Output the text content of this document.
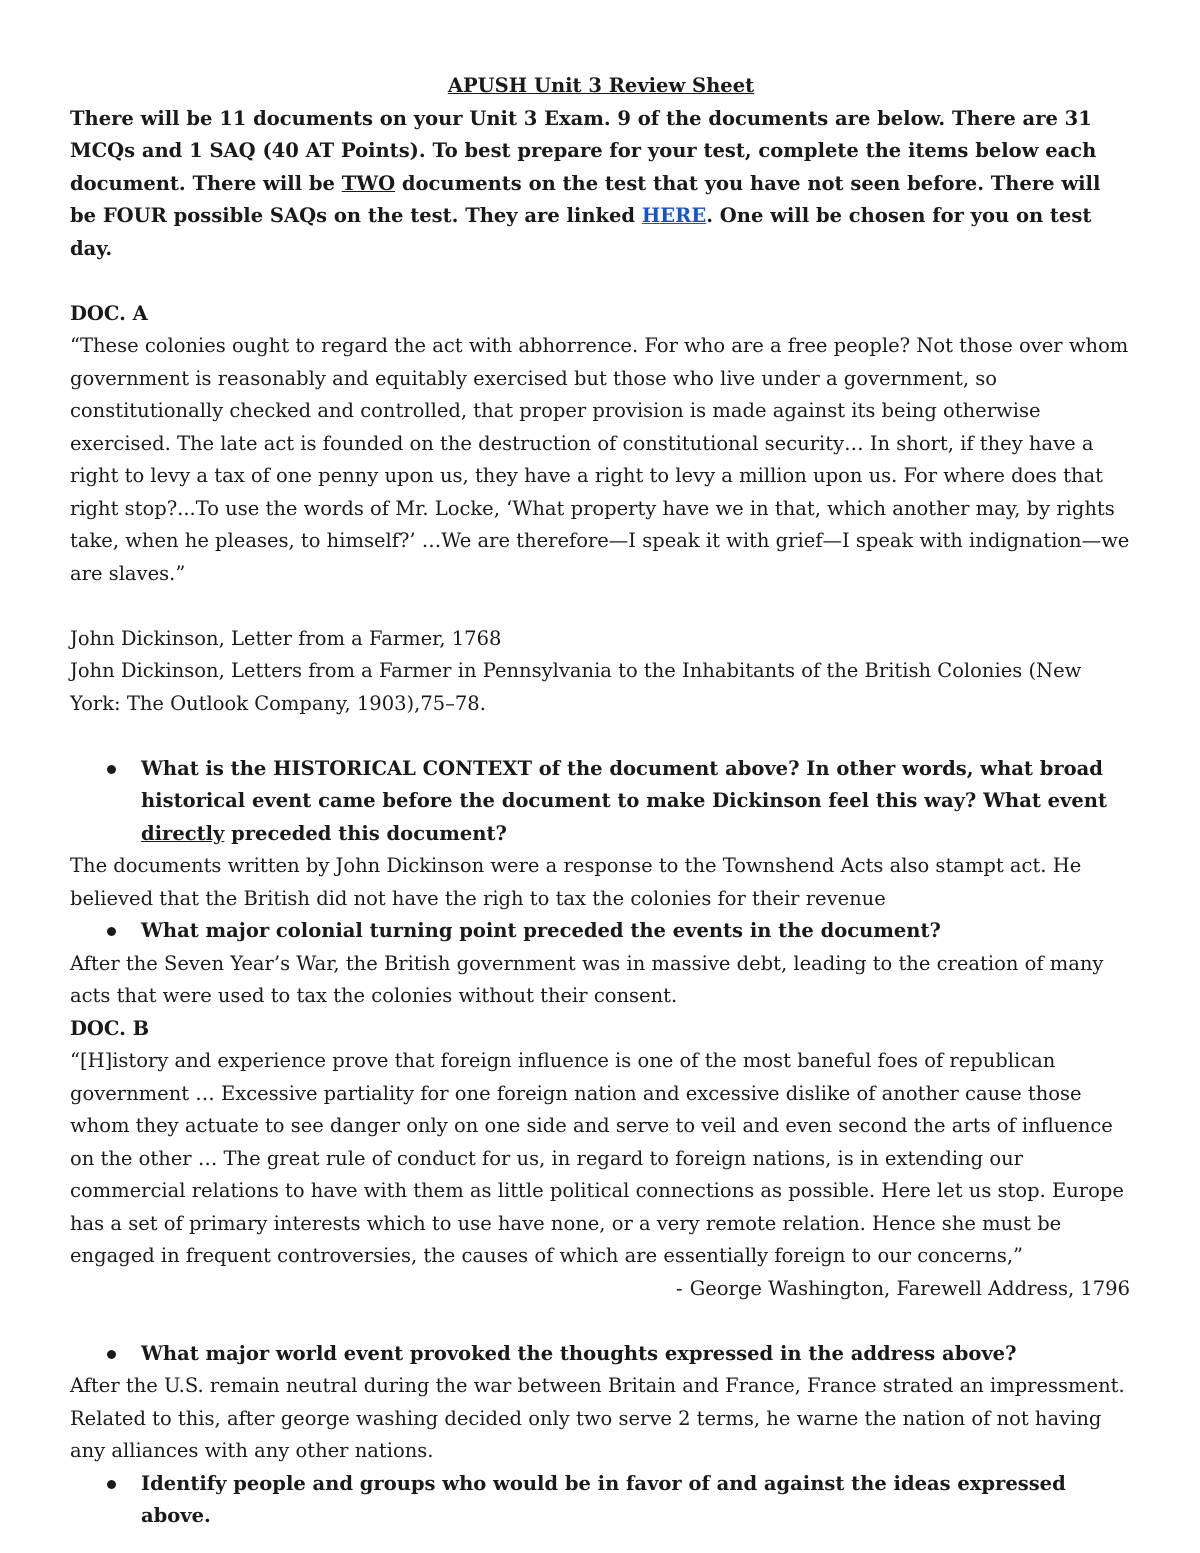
APUSH Unit 3 Review Sheet

There will be 11 documents on your Unit 3 Exam. 9 of the documents are below. There are 31 MCQs and 1 SAQ (40 AT Points). To best prepare for your test, complete the items below each document. There will be TWO documents on the test that you have not seen before. There will be FOUR possible SAQs on the test. They are linked HERE. One will be chosen for you on test day.

DOC. A

“These colonies ought to regard the act with abhorrence. For who are a free people? Not those over whom government is reasonably and equitably exercised but those who live under a government, so constitutionally checked and controlled, that proper provision is made against its being otherwise exercised. The late act is founded on the destruction of constitutional security… In short, if they have a right to levy a tax of one penny upon us, they have a right to levy a million upon us. For where does that right stop?...To use the words of Mr. Locke, ‘What property have we in that, which another may, by rights take, when he pleases, to himself?’ …We are therefore—I speak it with grief—I speak with indignation—we are slaves.”

John Dickinson, Letter from a Farmer, 1768

John Dickinson, Letters from a Farmer in Pennsylvania to the Inhabitants of the British Colonies (New York: The Outlook Company, 1903),75–78.

What is the HISTORICAL CONTEXT of the document above? In other words, what broad historical event came before the document to make Dickinson feel this way? What event directly preceded this document?

The documents written by John Dickinson were a response to the Townshend Acts also stampt act. He believed that the British did not have the righ to tax the colonies for their revenue

What major colonial turning point preceded the events in the document?

After the Seven Year’s War, the British government was in massive debt, leading to the creation of many acts that were used to tax the colonies without their consent.

DOC. B

“[H]istory and experience prove that foreign influence is one of the most baneful foes of republican government … Excessive partiality for one foreign nation and excessive dislike of another cause those whom they actuate to see danger only on one side and serve to veil and even second the arts of influence on the other … The great rule of conduct for us, in regard to foreign nations, is in extending our commercial relations to have with them as little political connections as possible. Here let us stop. Europe has a set of primary interests which to use have none, or a very remote relation. Hence she must be engaged in frequent controversies, the causes of which are essentially foreign to our concerns,”

- George Washington, Farewell Address, 1796
What major world event provoked the thoughts expressed in the address above?

After the U.S. remain neutral during the war between Britain and France, France strated an impressment. Related to this, after george washing decided only two serve 2 terms, he warne the nation of not having any alliances with any other nations.

Identify people and groups who would be in favor of and against the ideas expressed above.
